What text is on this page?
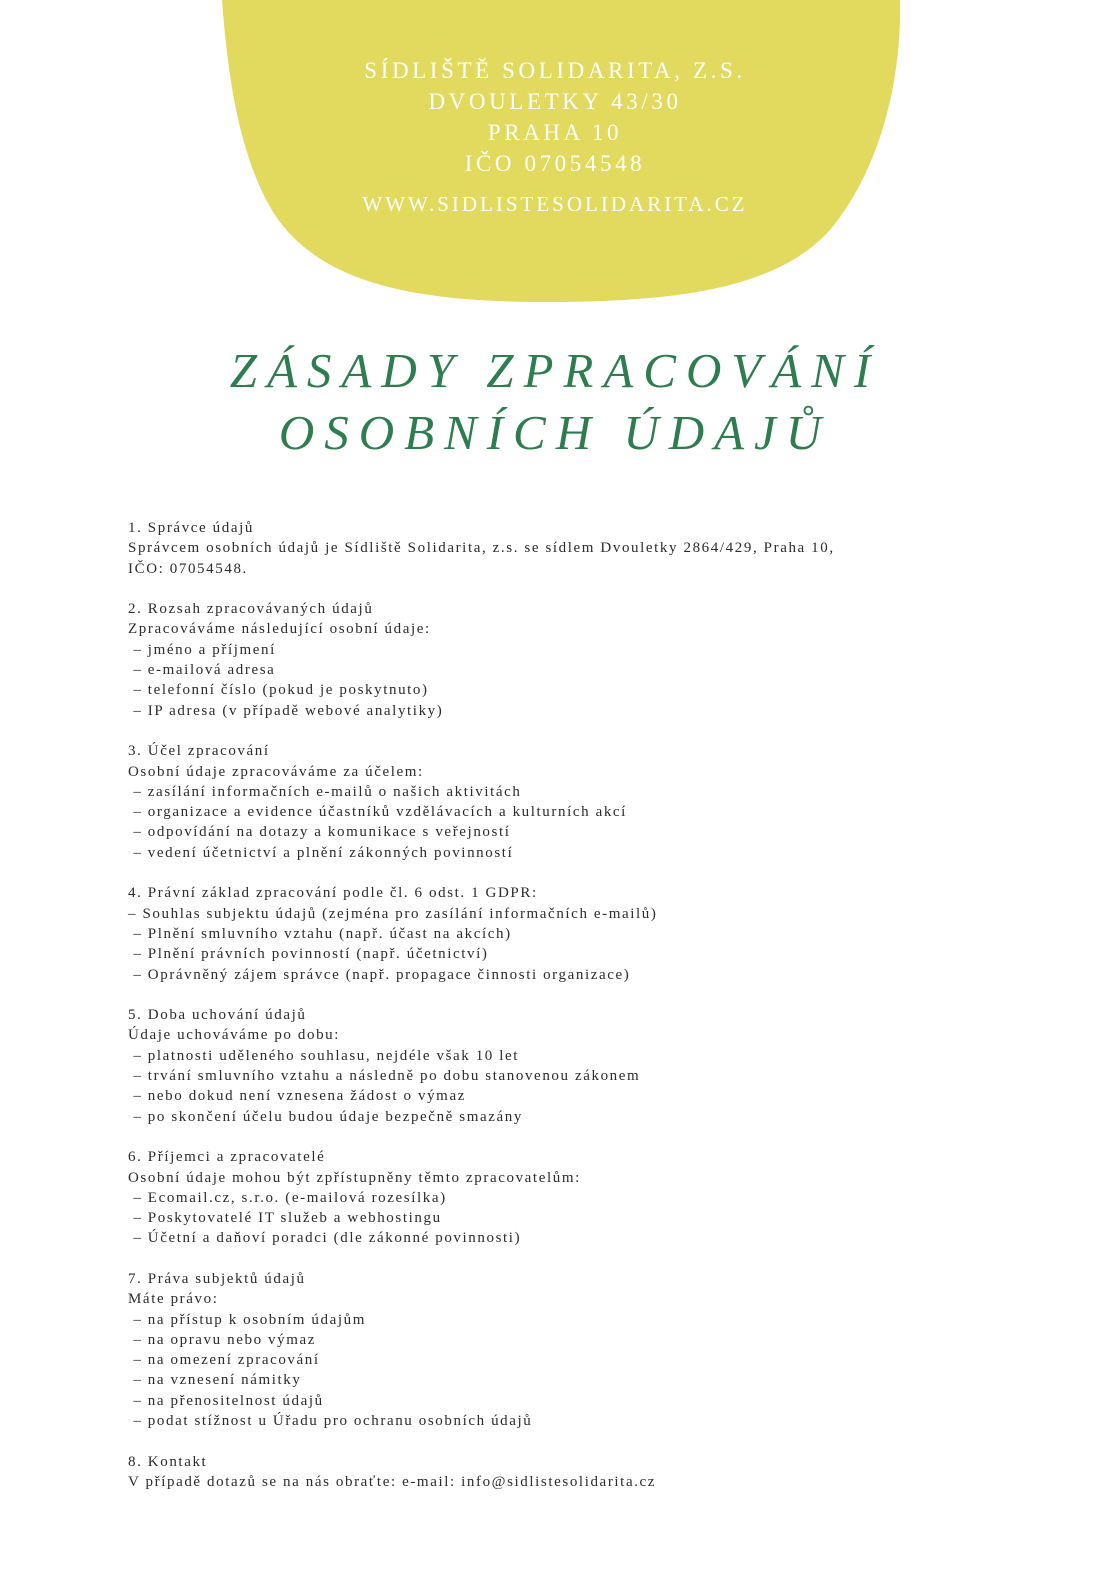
SÍDLIŠTĚ SOLIDARITA, Z.S.
DVOULETKY 43/30
PRAHA 10
IČO 07054548
WWW.SIDLISTESOLIDARITA.CZ
ZÁSADY ZPRACOVÁNÍ
OSOBNÍCH ÚDAJŮ
1. Správce údajů
Správcem osobních údajů je Sídliště Solidarita, z.s. se sídlem Dvouletky 2864/429, Praha 10,
IČO: 07054548.
2. Rozsah zpracovávaných údajů
Zpracováváme následující osobní údaje:
– jméno a příjmení
– e-mailová adresa
– telefonní číslo (pokud je poskytnuto)
– IP adresa (v případě webové analytiky)
3. Účel zpracování
Osobní údaje zpracováváme za účelem:
– zasílání informačních e-mailů o našich aktivitách
– organizace a evidence účastníků vzdělávacích a kulturních akcí
– odpovídání na dotazy a komunikace s veřejností
– vedení účetnictví a plnění zákonných povinností
4. Právní základ zpracování podle čl. 6 odst. 1 GDPR:
– Souhlas subjektu údajů (zejména pro zasílání informačních e-mailů)
– Plnění smluvního vztahu (např. účast na akcích)
– Plnění právních povinností (např. účetnictví)
– Oprávněný zájem správce (např. propagace činnosti organizace)
5. Doba uchování údajů
Údaje uchováváme po dobu:
– platnosti uděleného souhlasu, nejdéle však 10 let
– trvání smluvního vztahu a následně po dobu stanovenou zákonem
– nebo dokud není vznesena žádost o výmaz
– po skončení účelu budou údaje bezpečně smazány
6. Příjemci a zpracovatelé
Osobní údaje mohou být zpřístupněny těmto zpracovatelům:
– Ecomail.cz, s.r.o. (e-mailová rozesílka)
– Poskytovatelé IT služeb a webhostingu
– Účetní a daňoví poradci (dle zákonné povinnosti)
7. Práva subjektů údajů
Máte právo:
– na přístup k osobním údajům
– na opravu nebo výmaz
– na omezení zpracování
– na vznesení námitky
– na přenositelnost údajů
– podat stížnost u Úřadu pro ochranu osobních údajů
8. Kontakt
V případě dotazů se na nás obraťte: e-mail: info@sidlistesolidarita.cz
